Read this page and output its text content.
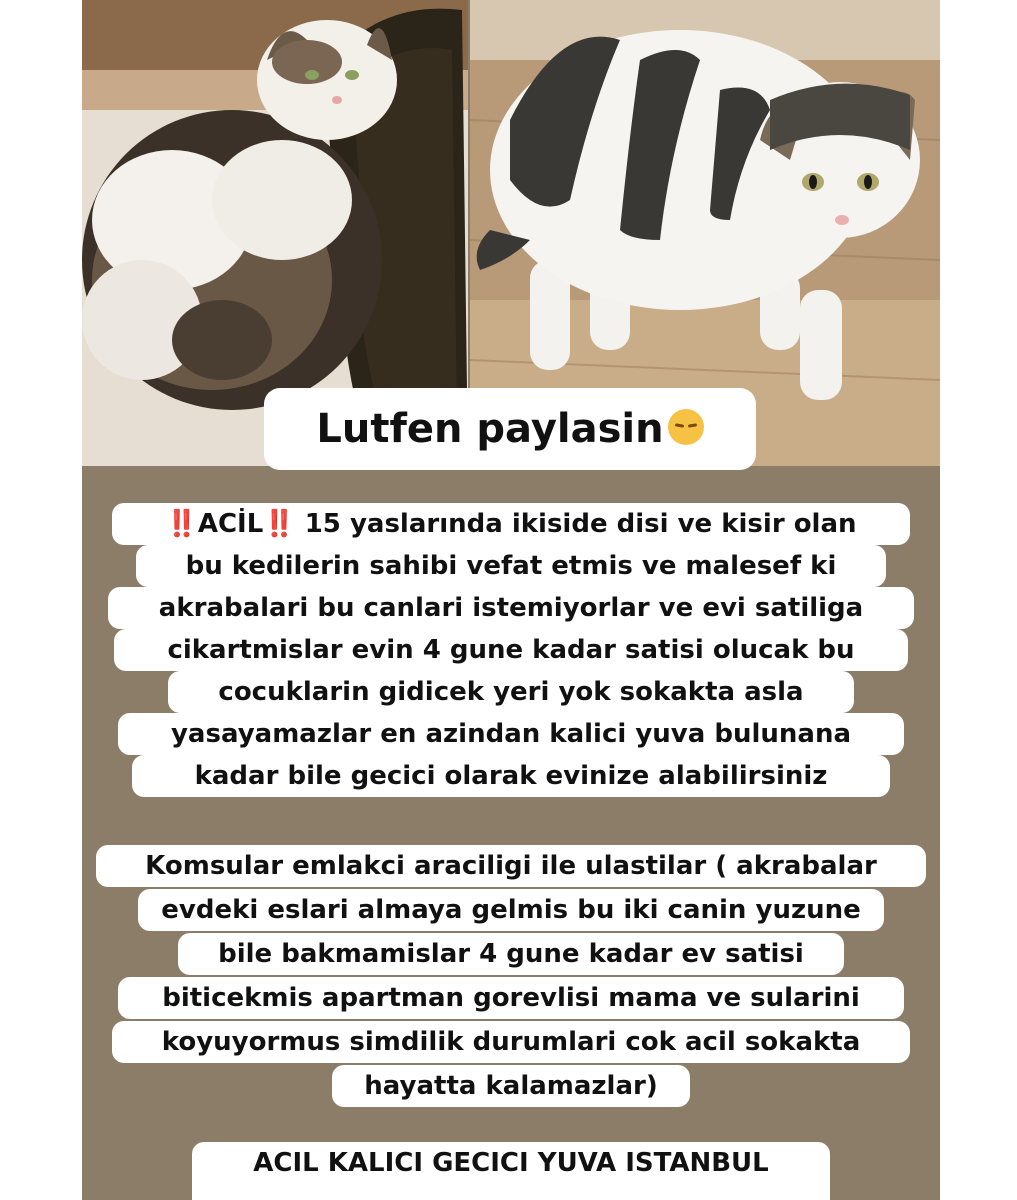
Lutfen paylasin
‼️ACİL‼️ 15 yaslarında ikiside disi ve kisir olan
bu kedilerin sahibi vefat etmis ve malesef ki
akrabalari bu canlari istemiyorlar ve evi satiliga
cikartmislar evin 4 gune kadar satisi olucak bu
cocuklarin gidicek yeri yok sokakta asla
yasayamazlar en azindan kalici yuva bulunana
kadar bile gecici olarak evinize alabilirsiniz
Komsular emlakci araciligi ile ulastilar ( akrabalar
evdeki eslari almaya gelmis bu iki canin yuzune
bile bakmamislar 4 gune kadar ev satisi
biticekmis apartman gorevlisi mama ve sularini
koyuyormus simdilik durumlari cok acil sokakta
hayatta kalamazlar)
ACIL KALICI GECICI YUVA ISTANBUL
